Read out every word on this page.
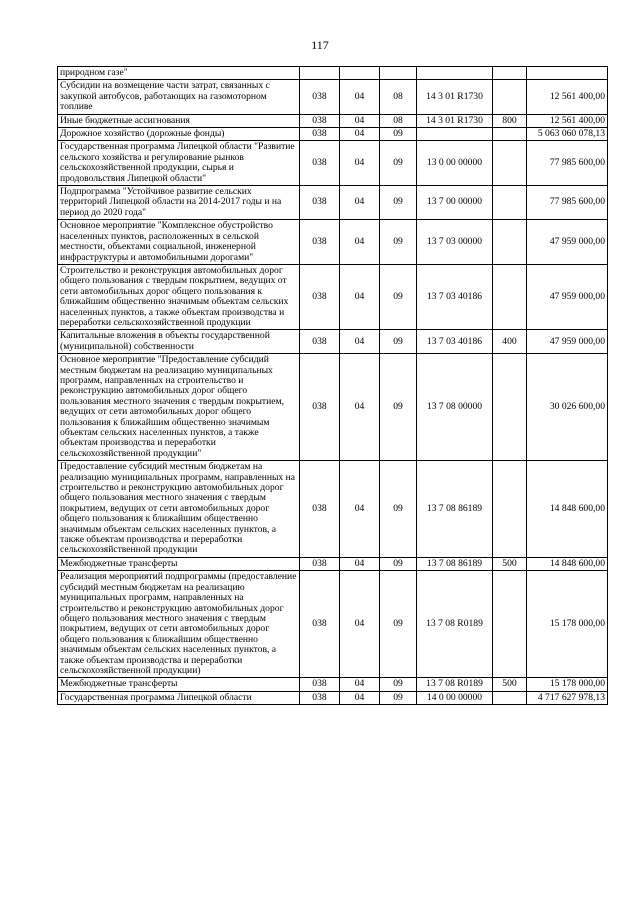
117
природном газе"						
Субсидии на возмещение части затрат, связанных с закупкой автобусов, работающих на газомоторном топливе	038	04	08	14 3 01 R1730		12 561 400,00
Иные бюджетные ассигнования	038	04	08	14 3 01 R1730	800	12 561 400,00
Дорожное хозяйство (дорожные фонды)	038	04	09			5 063 060 078,13
Государственная программа Липецкой области "Развитие сельского хозяйства и регулирование рынков сельскохозяйственной продукции, сырья и продовольствия Липецкой области"	038	04	09	13 0 00 00000		77 985 600,00
Подпрограмма "Устойчивое развитие сельских территорий Липецкой области на 2014-2017 годы и на период до 2020 года"	038	04	09	13 7 00 00000		77 985 600,00
Основное мероприятие "Комплексное обустройство населенных пунктов, расположенных в сельской местности, объектами социальной, инженерной инфраструктуры и автомобильными дорогами"	038	04	09	13 7 03 00000		47 959 000,00
Строительство и реконструкция автомобильных дорог общего пользования с твердым покрытием, ведущих от сети автомобильных дорог общего пользования к ближайшим общественно значимым объектам сельских населенных пунктов, а также объектам производства и переработки сельскохозяйственной продукции	038	04	09	13 7 03 40186		47 959 000,00
Капитальные вложения в объекты государственной (муниципальной) собственности	038	04	09	13 7 03 40186	400	47 959 000,00
Основное мероприятие "Предоставление субсидий местным бюджетам на реализацию муниципальных программ, направленных на строительство и реконструкцию автомобильных дорог общего пользования местного значения с твердым покрытием, ведущих от сети автомобильных дорог общего пользования к ближайшим общественно значимым объектам сельских населенных пунктов, а также объектам производства и переработки сельскохозяйственной продукции"	038	04	09	13 7 08 00000		30 026 600,00
Предоставление субсидий местным бюджетам на реализацию муниципальных программ, направленных на строительство и реконструкцию автомобильных дорог общего пользования местного значения с твердым покрытием, ведущих от сети автомобильных дорог общего пользования к ближайшим общественно значимым объектам сельских населенных пунктов, а также объектам производства и переработки сельскохозяйственной продукции	038	04	09	13 7 08 86189		14 848 600,00
Межбюджетные трансферты	038	04	09	13 7 08 86189	500	14 848 600,00
Реализация мероприятий подпрограммы (предоставление субсидий местным бюджетам на реализацию муниципальных программ, направленных на строительство и реконструкцию автомобильных дорог общего пользования местного значения с твердым покрытием, ведущих от сети автомобильных дорог общего пользования к ближайшим общественно значимым объектам сельских населенных пунктов, а также объектам производства и переработки сельскохозяйственной продукции)	038	04	09	13 7 08 R0189		15 178 000,00
Межбюджетные трансферты	038	04	09	13 7 08 R0189	500	15 178 000,00
Государственная программа Липецкой области	038	04	09	14 0 00 00000		4 717 627 978,13
